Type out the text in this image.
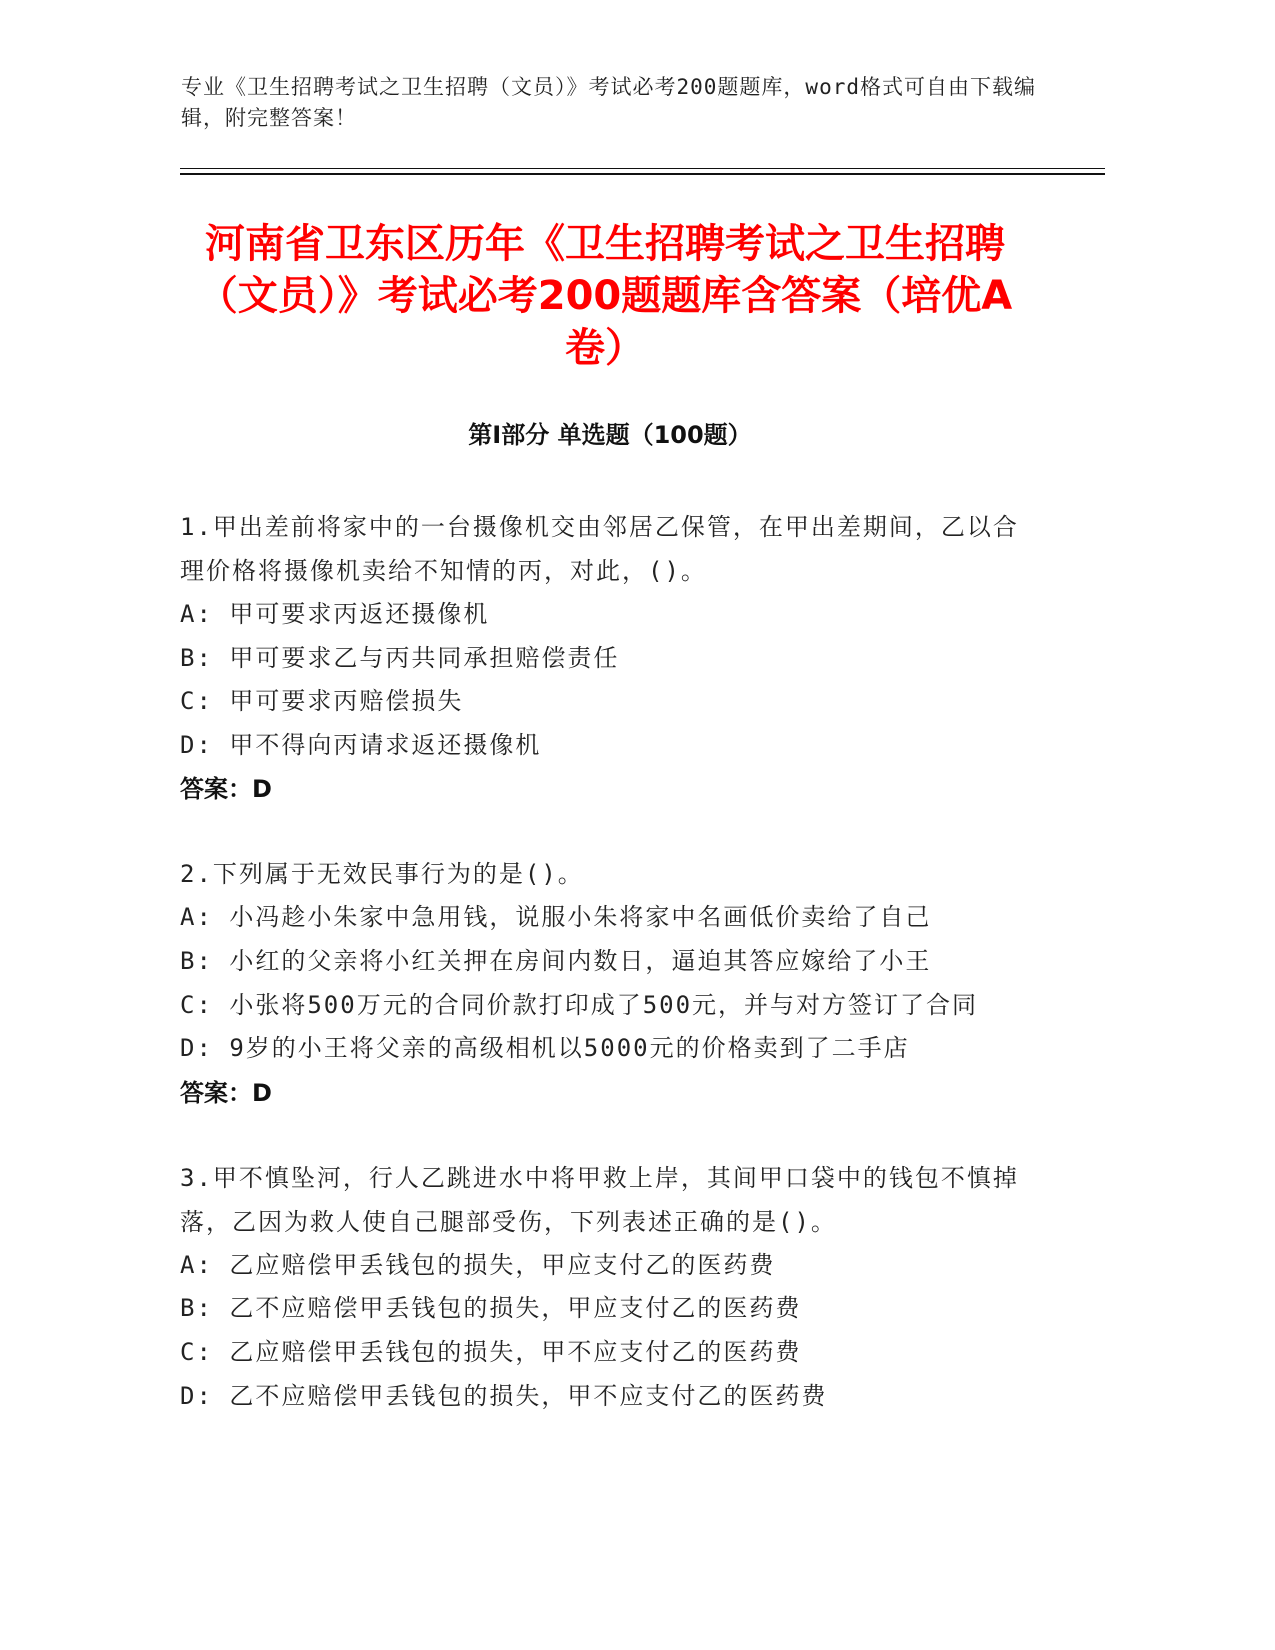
专业《卫生招聘考试之卫生招聘（文员）》考试必考200题题库，word格式可自由下载编辑，附完整答案！
河南省卫东区历年《卫生招聘考试之卫生招聘（文员）》考试必考200题题库含答案（培优A卷）
第I部分 单选题（100题）
1.甲出差前将家中的一台摄像机交由邻居乙保管，在甲出差期间，乙以合理价格将摄像机卖给不知情的丙，对此，()。
A: 甲可要求丙返还摄像机
B: 甲可要求乙与丙共同承担赔偿责任
C: 甲可要求丙赔偿损失
D: 甲不得向丙请求返还摄像机
答案：D
2.下列属于无效民事行为的是()。
A: 小冯趁小朱家中急用钱，说服小朱将家中名画低价卖给了自己
B: 小红的父亲将小红关押在房间内数日，逼迫其答应嫁给了小王
C: 小张将500万元的合同价款打印成了500元，并与对方签订了合同
D: 9岁的小王将父亲的高级相机以5000元的价格卖到了二手店
答案：D
3.甲不慎坠河，行人乙跳进水中将甲救上岸，其间甲口袋中的钱包不慎掉落，乙因为救人使自己腿部受伤，下列表述正确的是()。
A: 乙应赔偿甲丢钱包的损失，甲应支付乙的医药费
B: 乙不应赔偿甲丢钱包的损失，甲应支付乙的医药费
C: 乙应赔偿甲丢钱包的损失，甲不应支付乙的医药费
D: 乙不应赔偿甲丢钱包的损失，甲不应支付乙的医药费
